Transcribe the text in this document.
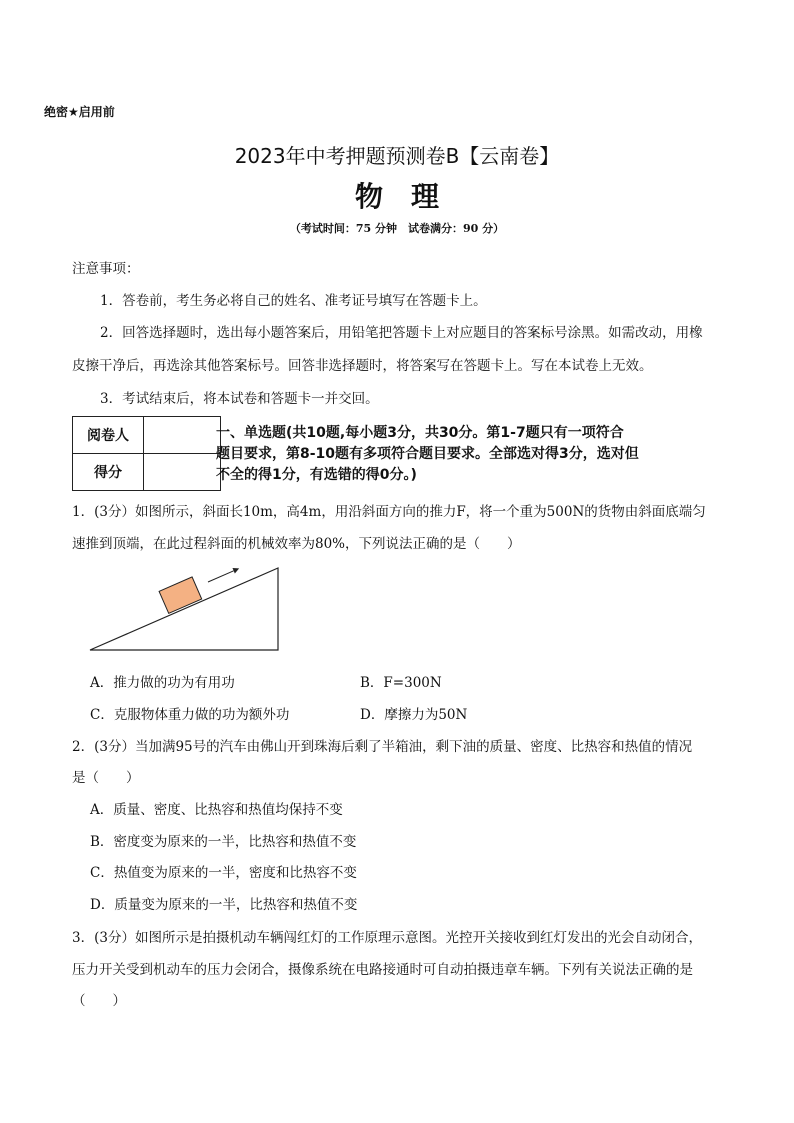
绝密★启用前
2023年中考押题预测卷B【云南卷】
物理
（考试时间：75 分钟　试卷满分：90 分）
注意事项：
1．答卷前，考生务必将自己的姓名、准考证号填写在答题卡上。
2．回答选择题时，选出每小题答案后，用铅笔把答题卡上对应题目的答案标号涂黑。如需改动，用橡
皮擦干净后，再选涂其他答案标号。回答非选择题时，将答案写在答题卡上。写在本试卷上无效。
3．考试结束后，将本试卷和答题卡一并交回。
阅卷人	
得分	
一、单选题(共10题,每小题3分，共30分。第1-7题只有一项符合
题目要求，第8-10题有多项符合题目要求。全部选对得3分，选对但
不全的得1分，有选错的得0分。)
1．(3分）如图所示，斜面长10m，高4m，用沿斜面方向的推力F，将一个重为500N的货物由斜面底端匀
速推到顶端，在此过程斜面的机械效率为80%，下列说法正确的是（　　）
A．推力做的功为有用功	B．F=300N
C．克服物体重力做的功为额外功	D．摩擦力为50N
2．(3分）当加满95号的汽车由佛山开到珠海后剩了半箱油，剩下油的质量、密度、比热容和热值的情况
是（　　）
A．质量、密度、比热容和热值均保持不变
B．密度变为原来的一半，比热容和热值不变
C．热值变为原来的一半，密度和比热容不变
D．质量变为原来的一半，比热容和热值不变
3．(3分）如图所示是拍摄机动车辆闯红灯的工作原理示意图。光控开关接收到红灯发出的光会自动闭合，
压力开关受到机动车的压力会闭合，摄像系统在电路接通时可自动拍摄违章车辆。下列有关说法正确的是
（　　）
